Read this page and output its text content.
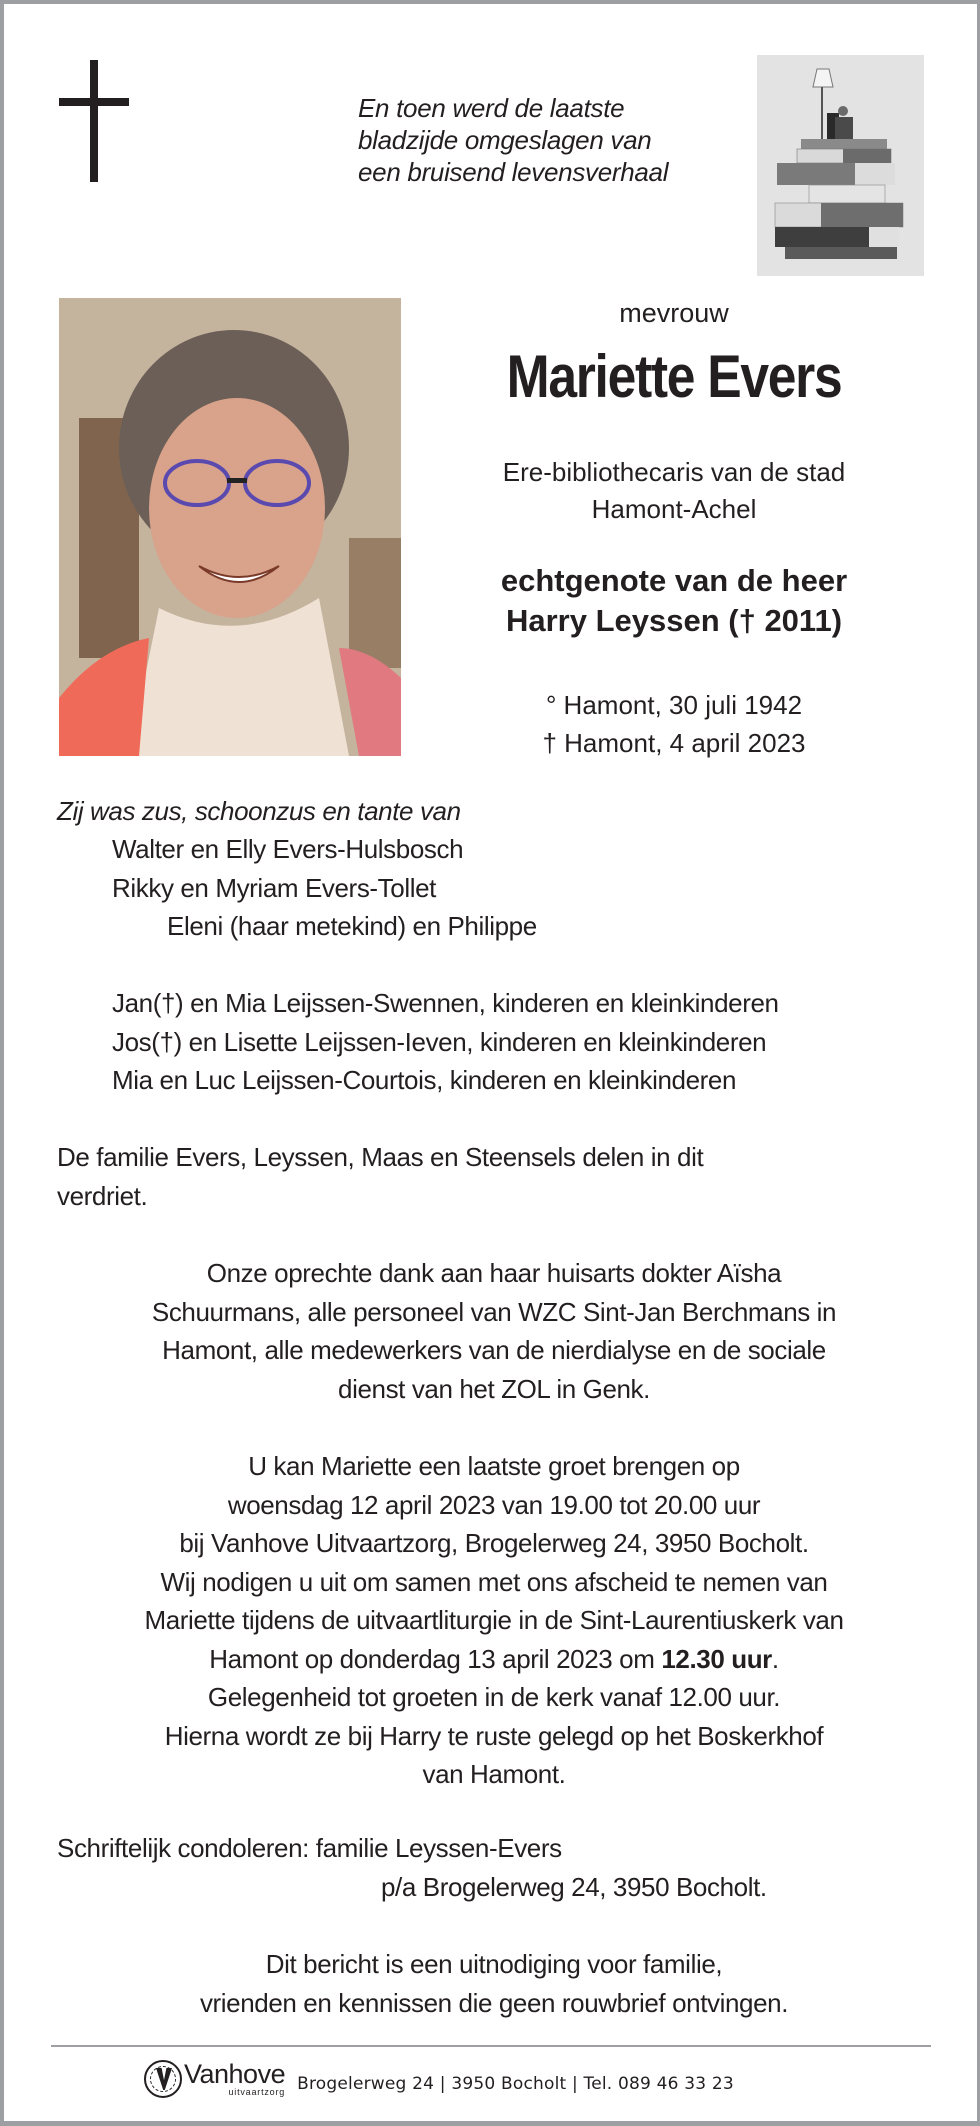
En toen werd de laatste
bladzijde omgeslagen van
een bruisend levensverhaal
mevrouw
Mariette Evers
Ere-bibliothecaris van de stad
Hamont-Achel
echtgenote van de heer
Harry Leyssen († 2011)
° Hamont, 30 juli 1942
† Hamont, 4 april 2023
Zij was zus, schoonzus en tante van
Walter en Elly Evers-Hulsbosch
Rikky en Myriam Evers-Tollet
Eleni (haar metekind) en Philippe
Jan(†) en Mia Leijssen-Swennen, kinderen en kleinkinderen
Jos(†) en Lisette Leijssen-Ieven, kinderen en kleinkinderen
Mia en Luc Leijssen-Courtois, kinderen en kleinkinderen
De familie Evers, Leyssen, Maas en Steensels delen in dit
verdriet.
Onze oprechte dank aan haar huisarts dokter Aïsha
Schuurmans, alle personeel van WZC Sint-Jan Berchmans in
Hamont, alle medewerkers van de nierdialyse en de sociale
dienst van het ZOL in Genk.
U kan Mariette een laatste groet brengen op
woensdag 12 april 2023 van 19.00 tot 20.00 uur
bij Vanhove Uitvaartzorg, Brogelerweg 24, 3950 Bocholt.
Wij nodigen u uit om samen met ons afscheid te nemen van
Mariette tijdens de uitvaartliturgie in de Sint-Laurentiuskerk van
Hamont op donderdag 13 april 2023 om 12.30 uur.
Gelegenheid tot groeten in de kerk vanaf 12.00 uur.
Hierna wordt ze bij Harry te ruste gelegd op het Boskerkhof
van Hamont.
Schriftelijk condoleren: familie Leyssen-Evers
p/a Brogelerweg 24, 3950 Bocholt.
Dit bericht is een uitnodiging voor familie,
vrienden en kennissen die geen rouwbrief ontvingen.
Vanhove
uitvaartzorg Brogelerweg 24 | 3950 Bocholt | Tel. 089 46 33 23
